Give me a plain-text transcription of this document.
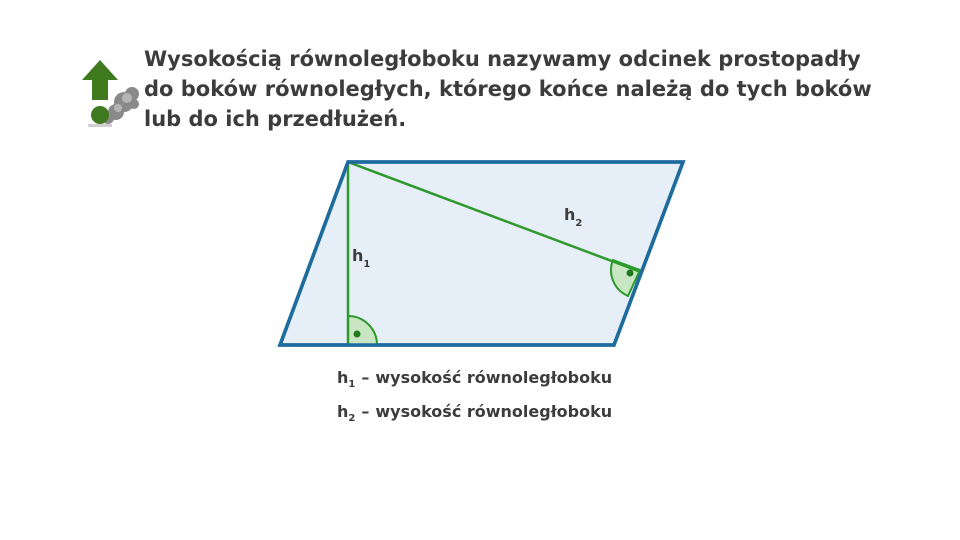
Wysokością równoległoboku nazywamy odcinek prostopadły
do boków równoległych, którego końce należą do tych boków
lub do ich przedłużeń.
$h_1$
$h_2$
$h_1$ – wysokość równoległoboku
$h_2$ – wysokość równoległoboku
